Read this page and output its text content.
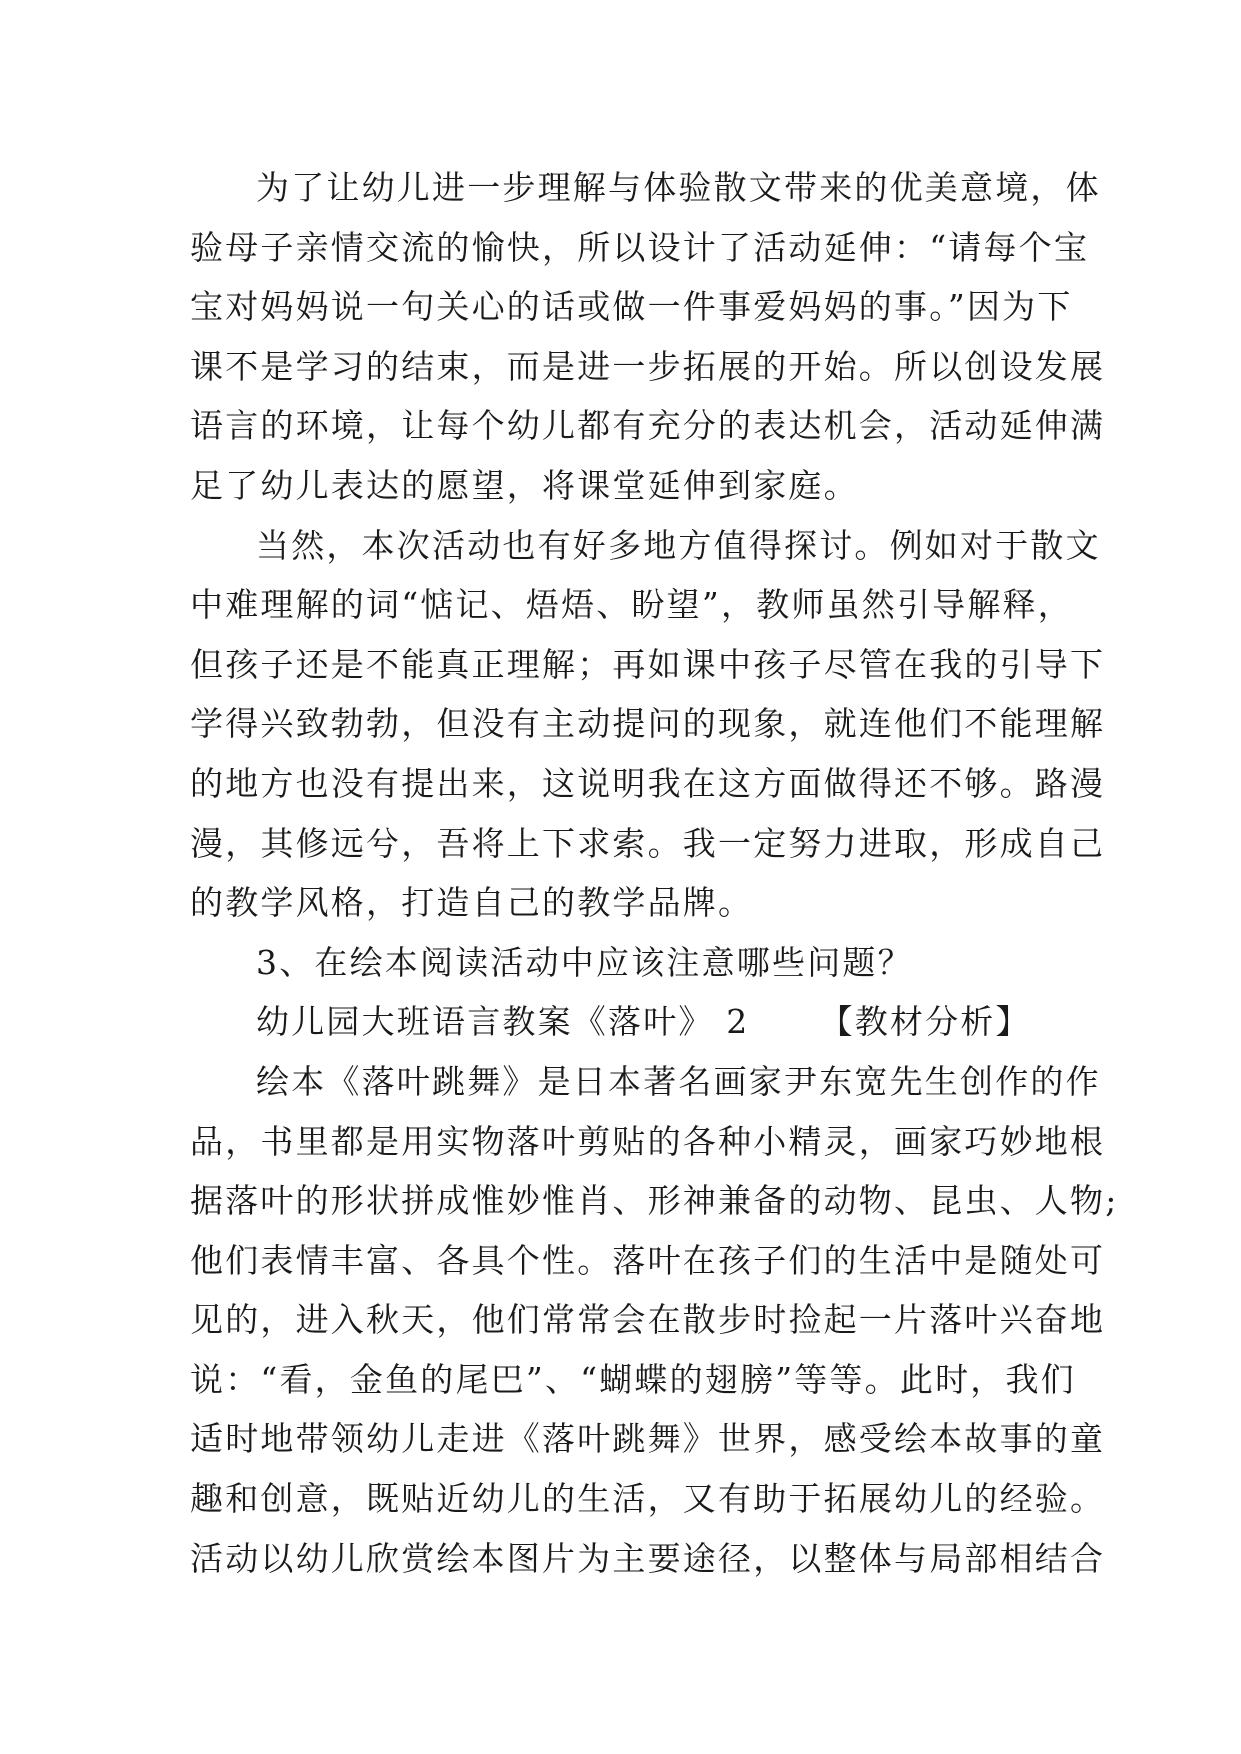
为了让幼儿进一步理解与体验散文带来的优美意境，体
验母子亲情交流的愉快，所以设计了活动延伸：“请每个宝
宝对妈妈说一句关心的话或做一件事爱妈妈的事。”因为下
课不是学习的结束，而是进一步拓展的开始。所以创设发展
语言的环境，让每个幼儿都有充分的表达机会，活动延伸满
足了幼儿表达的愿望，将课堂延伸到家庭。
当然，本次活动也有好多地方值得探讨。例如对于散文
中难理解的词“惦记、焐焐、盼望”，教师虽然引导解释，
但孩子还是不能真正理解；再如课中孩子尽管在我的引导下
学得兴致勃勃，但没有主动提问的现象，就连他们不能理解
的地方也没有提出来，这说明我在这方面做得还不够。路漫
漫，其修远兮，吾将上下求索。我一定努力进取，形成自己
的教学风格，打造自己的教学品牌。
3、在绘本阅读活动中应该注意哪些问题？
幼儿园大班语言教案《落叶》 2 【教材分析】
绘本《落叶跳舞》是日本著名画家尹东宽先生创作的作
品，书里都是用实物落叶剪贴的各种小精灵，画家巧妙地根
据落叶的形状拼成惟妙惟肖、形神兼备的动物、昆虫、人物;
他们表情丰富、各具个性。落叶在孩子们的生活中是随处可
见的，进入秋天，他们常常会在散步时捡起一片落叶兴奋地
说：“看，金鱼的尾巴”、“蝴蝶的翅膀”等等。此时，我们
适时地带领幼儿走进《落叶跳舞》世界，感受绘本故事的童
趣和创意，既贴近幼儿的生活，又有助于拓展幼儿的经验。
活动以幼儿欣赏绘本图片为主要途径，以整体与局部相结合
